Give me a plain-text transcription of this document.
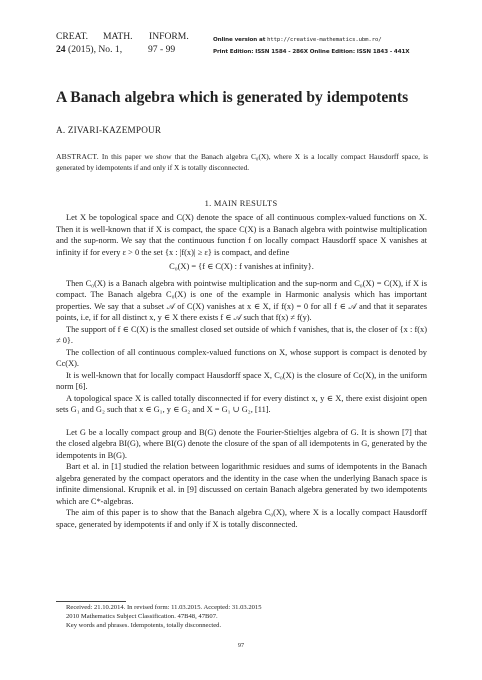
CREAT.	MATH.	INFORM.
24
(2015), No. 1,	97 - 99
Online version at http://creative-mathematics.ubm.ro/
Print Edition: ISSN 1584 - 286X Online Edition: ISSN 1843 - 441X
A Banach algebra which is generated by idempotents
A. ZIVARI-KAZEMPOUR
ABSTRACT. In this paper we show that the Banach algebra C₀(X), where X is a locally compact Hausdorff space, is generated by idempotents if and only if X is totally disconnected.
1. MAIN RESULTS

Let X be topological space and C(X) denote the space of all continuous complex-valued functions on X. Then it is well-known that if X is compact, the space C(X) is a Banach algebra with pointwise multiplication and the sup-norm. We say that the continuous function f on locally compact Hausdorff space X vanishes at infinity if for every ε > 0 the set {x : |f(x)| ≥ ε} is compact, and define

C₀(X) = {f ∈ C(X) : f vanishes at infinity}.

Then C₀(X) is a Banach algebra with pointwise multiplication and the sup-norm and C₀(X) = C(X), if X is compact. The Banach algebra C₀(X) is one of the example in Harmonic analysis which has important properties. We say that a subset 𝒜 of C(X) vanishes at x ∈ X, if f(x) = 0 for all f ∈ 𝒜 and that it separates points, i.e, if for all distinct x, y ∈ X there exists f ∈ 𝒜 such that f(x) ≠ f(y).

The support of f ∈ C(X) is the smallest closed set outside of which f vanishes, that is, the closer of {x : f(x) ≠ 0}.

The collection of all continuous complex-valued functions on X, whose support is compact is denoted by Cc(X).

It is well-known that for locally compact Hausdorff space X, C₀(X) is the closure of Cc(X), in the uniform norm [6].

A topological space X is called totally disconnected if for every distinct x, y ∈ X, there exist disjoint open sets G₁ and G₂ such that x ∈ G₁, y ∈ G₂ and X = G₁ ∪ G₂, [11].

Let G be a locally compact group and B(G) denote the Fourier-Stieltjes algebra of G. It is shown [7] that the closed algebra BI(G), where BI(G) denote the closure of the span of all idempotents in G, generated by the idempotents in B(G).

Bart et al. in [1] studied the relation between logarithmic residues and sums of idempotents in the Banach algebra generated by the compact operators and the identity in the case when the underlying Banach space is infinite dimensional. Krupnik et al. in [9] discussed on certain Banach algebra generated by two idempotents which are C*-algebras.

The aim of this paper is to show that the Banach algebra C₀(X), where X is a locally compact Hausdorff space, generated by idempotents if and only if X is totally disconnected.

Received: 21.10.2014. In revised form: 11.03.2015. Accepted: 31.03.2015
2010 Mathematics Subject Classification. 47B48, 47B07.
Key words and phrases. Idempotents, totally disconnected.
97
